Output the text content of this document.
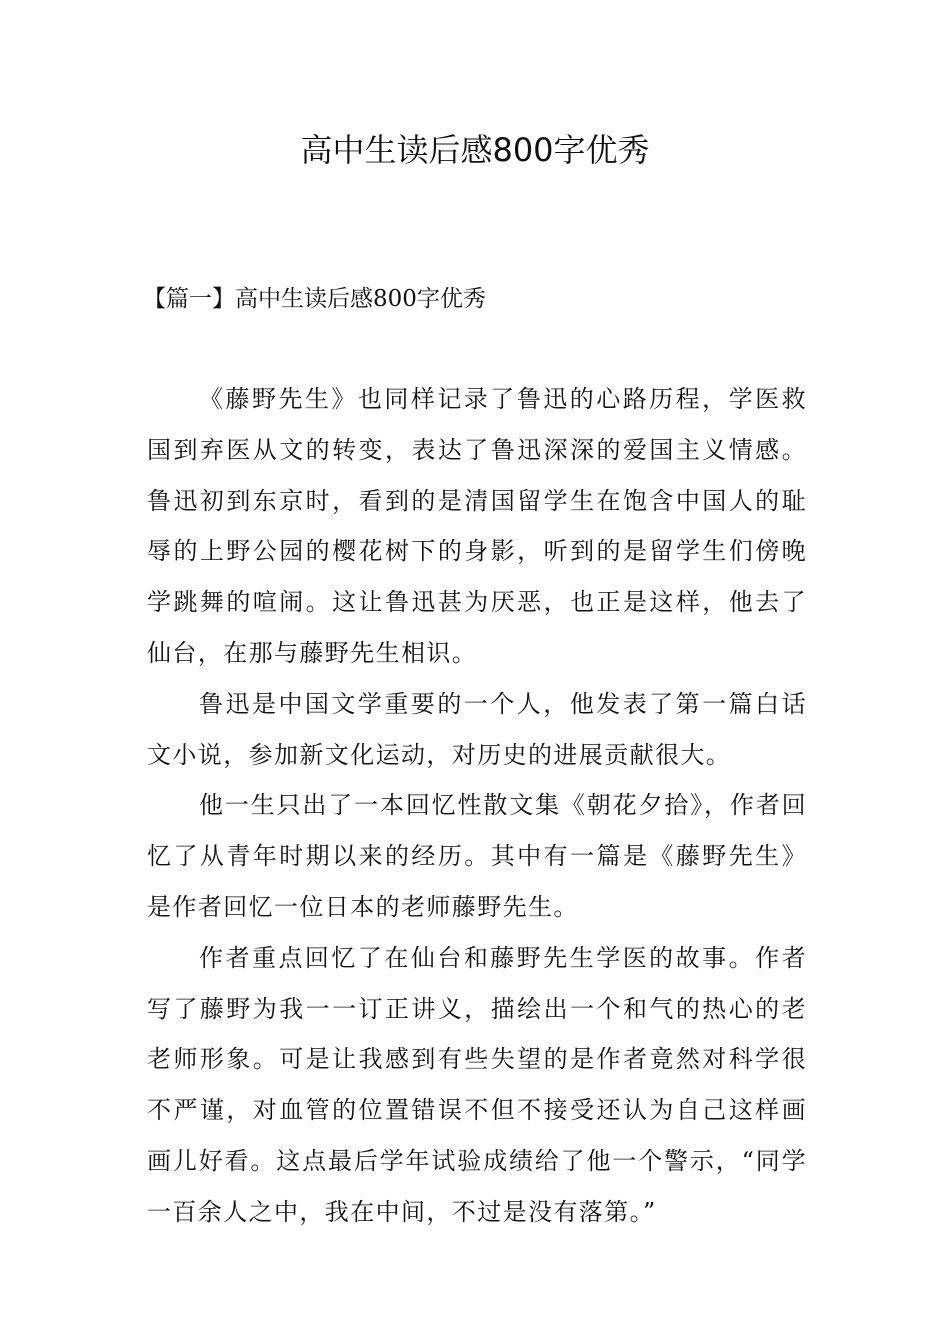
高中生读后感800字优秀
【篇一】高中生读后感800字优秀

《藤野先生》也同样记录了鲁迅的心路历程，学医救国到弃医从文的转变，表达了鲁迅深深的爱国主义情感。鲁迅初到东京时，看到的是清国留学生在饱含中国人的耻辱的上野公园的樱花树下的身影，听到的是留学生们傍晚学跳舞的喧闹。这让鲁迅甚为厌恶，也正是这样，他去了仙台，在那与藤野先生相识。

鲁迅是中国文学重要的一个人，他发表了第一篇白话文小说，参加新文化运动，对历史的进展贡献很大。

他一生只出了一本回忆性散文集《朝花夕拾》，作者回忆了从青年时期以来的经历。其中有一篇是《藤野先生》是作者回忆一位日本的老师藤野先生。

作者重点回忆了在仙台和藤野先生学医的故事。作者写了藤野为我一一订正讲义，描绘出一个和气的热心的老老师形象。可是让我感到有些失望的是作者竟然对科学很不严谨，对血管的位置错误不但不接受还认为自己这样画画儿好看。这点最后学年试验成绩给了他一个警示，“同学一百余人之中，我在中间，不过是没有落第。”
